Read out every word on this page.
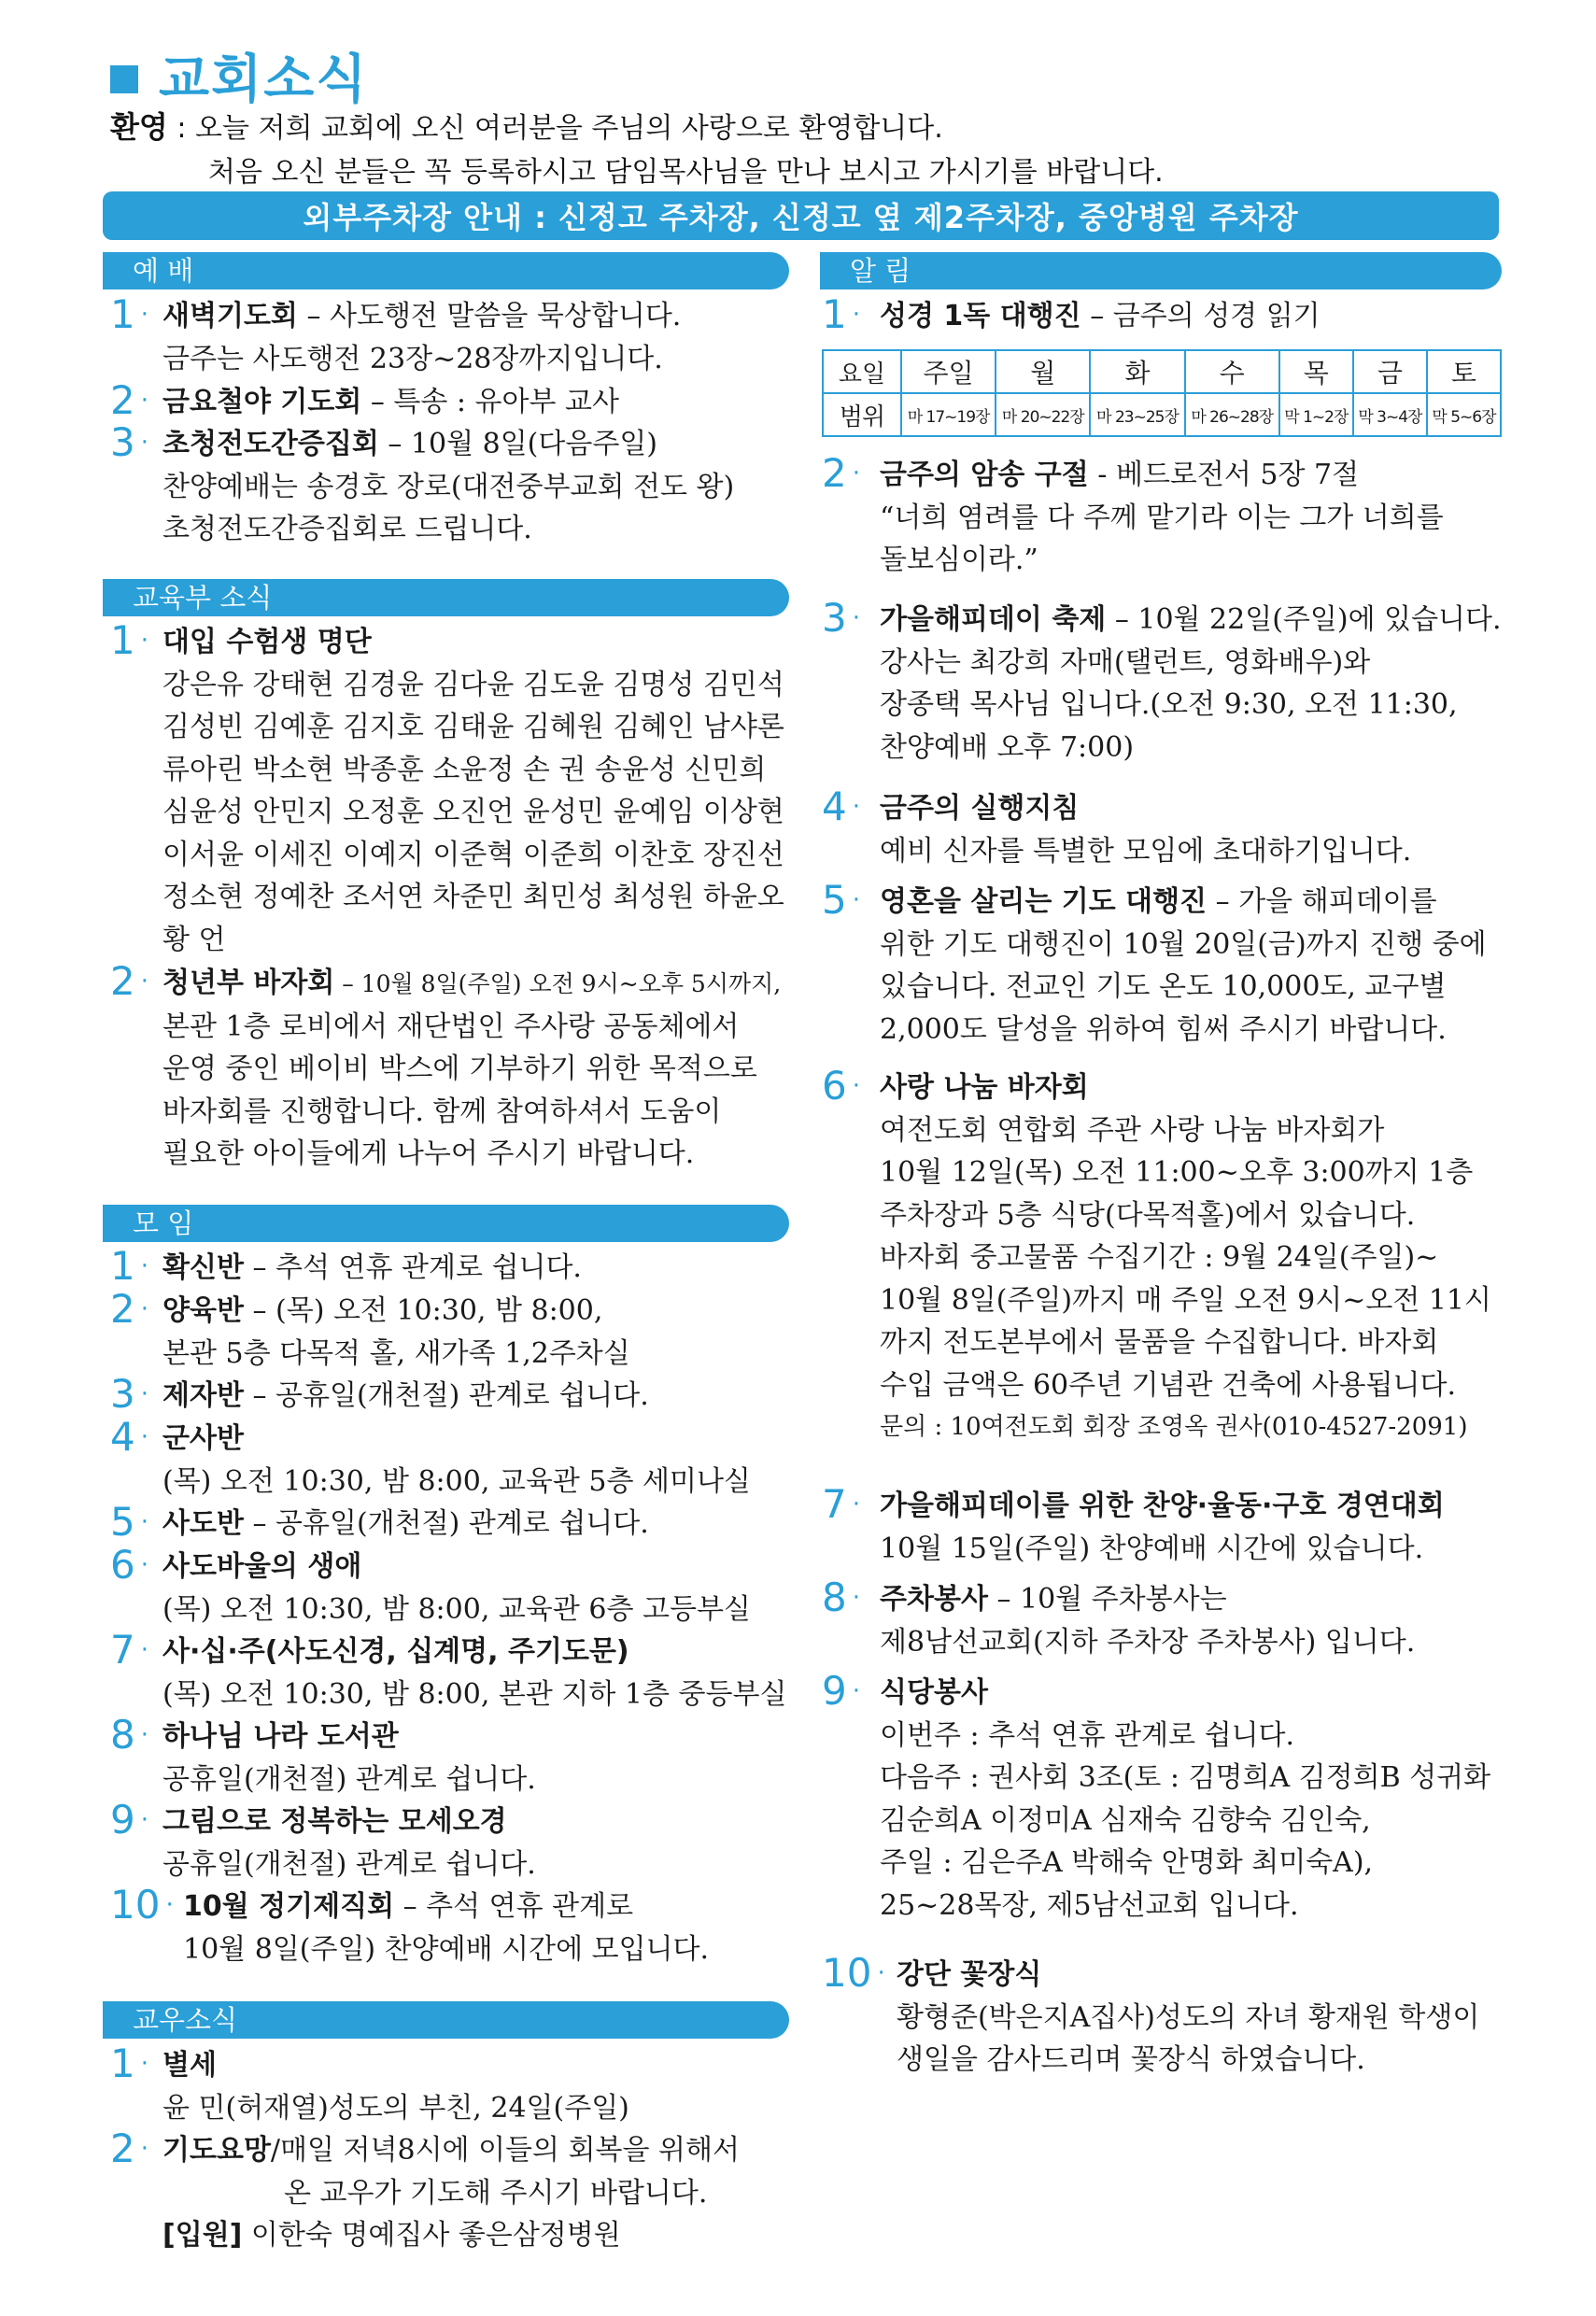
교회소식
환영 : 오늘 저희 교회에 오신 여러분을 주님의 사랑으로 환영합니다.
처음 오신 분들은 꼭 등록하시고 담임목사님을 만나 보시고 가시기를 바랍니다.
외부주차장 안내 : 신정고 주차장, 신정고 옆 제2주차장, 중앙병원 주차장
예 배
1 · 새벽기도회 – 사도행전 말씀을 묵상합니다.
금주는 사도행전 23장~28장까지입니다.
2 · 금요철야 기도회 – 특송 : 유아부 교사
3 · 초청전도간증집회 – 10월 8일(다음주일)
찬양예배는 송경호 장로(대전중부교회 전도 왕)
초청전도간증집회로 드립니다.
교육부 소식
1 · 대입 수험생 명단
강은유 강태현 김경윤 김다윤 김도윤 김명성 김민석
김성빈 김예훈 김지호 김태윤 김혜원 김혜인 남샤론
류아린 박소현 박종훈 소윤정 손 권 송윤성 신민희
심윤성 안민지 오정훈 오진언 윤성민 윤예임 이상현
이서윤 이세진 이예지 이준혁 이준희 이찬호 장진선
정소현 정예찬 조서연 차준민 최민성 최성원 하윤오
황 언
2 · 청년부 바자회 – 10월 8일(주일) 오전 9시~오후 5시까지,
본관 1층 로비에서 재단법인 주사랑 공동체에서
운영 중인 베이비 박스에 기부하기 위한 목적으로
바자회를 진행합니다. 함께 참여하셔서 도움이
필요한 아이들에게 나누어 주시기 바랍니다.
모 임
1 · 확신반 – 추석 연휴 관계로 쉽니다.
2 · 양육반 – (목) 오전 10:30, 밤 8:00,
본관 5층 다목적 홀, 새가족 1,2주차실
3 · 제자반 – 공휴일(개천절) 관계로 쉽니다.
4 · 군사반
(목) 오전 10:30, 밤 8:00, 교육관 5층 세미나실
5 · 사도반 – 공휴일(개천절) 관계로 쉽니다.
6 · 사도바울의 생애
(목) 오전 10:30, 밤 8:00, 교육관 6층 고등부실
7 · 사·십·주(사도신경, 십계명, 주기도문)
(목) 오전 10:30, 밤 8:00, 본관 지하 1층 중등부실
8 · 하나님 나라 도서관
공휴일(개천절) 관계로 쉽니다.
9 · 그림으로 정복하는 모세오경
공휴일(개천절) 관계로 쉽니다.
10 · 10월 정기제직회 – 추석 연휴 관계로
10월 8일(주일) 찬양예배 시간에 모입니다.
교우소식
1 · 별세
윤 민(허재열)성도의 부친, 24일(주일)
2 · 기도요망/매일 저녁8시에 이들의 회복을 위해서
온 교우가 기도해 주시기 바랍니다.
[입원] 이한숙 명예집사 좋은삼정병원
알 림
1 · 성경 1독 대행진 – 금주의 성경 읽기
요일	주일	월	화	수	목	금	토
범위	마 17~19장	마 20~22장	마 23~25장	마 26~28장	막 1~2장	막 3~4장	막 5~6장
2 · 금주의 암송 구절 - 베드로전서 5장 7절
“너희 염려를 다 주께 맡기라 이는 그가 너희를
돌보심이라.”
3 · 가을해피데이 축제 – 10월 22일(주일)에 있습니다.
강사는 최강희 자매(탤런트, 영화배우)와
장종택 목사님 입니다.(오전 9:30, 오전 11:30,
찬양예배 오후 7:00)
4 · 금주의 실행지침
예비 신자를 특별한 모임에 초대하기입니다.
5 · 영혼을 살리는 기도 대행진 – 가을 해피데이를
위한 기도 대행진이 10월 20일(금)까지 진행 중에
있습니다. 전교인 기도 온도 10,000도, 교구별
2,000도 달성을 위하여 힘써 주시기 바랍니다.
6 · 사랑 나눔 바자회
여전도회 연합회 주관 사랑 나눔 바자회가
10월 12일(목) 오전 11:00~오후 3:00까지 1층
주차장과 5층 식당(다목적홀)에서 있습니다.
바자회 중고물품 수집기간 : 9월 24일(주일)~
10월 8일(주일)까지 매 주일 오전 9시~오전 11시
까지 전도본부에서 물품을 수집합니다. 바자회
수입 금액은 60주년 기념관 건축에 사용됩니다.
문의 : 10여전도회 회장 조영옥 권사(010-4527-2091)
7 · 가을해피데이를 위한 찬양·율동·구호 경연대회
10월 15일(주일) 찬양예배 시간에 있습니다.
8 · 주차봉사 – 10월 주차봉사는
제8남선교회(지하 주차장 주차봉사) 입니다.
9 · 식당봉사
이번주 : 추석 연휴 관계로 쉽니다.
다음주 : 권사회 3조(토 : 김명희A 김정희B 성귀화
김순희A 이정미A 심재숙 김향숙 김인숙,
주일 : 김은주A 박해숙 안명화 최미숙A),
25~28목장, 제5남선교회 입니다.
10 · 강단 꽃장식
황형준(박은지A집사)성도의 자녀 황재원 학생이
생일을 감사드리며 꽃장식 하였습니다.
